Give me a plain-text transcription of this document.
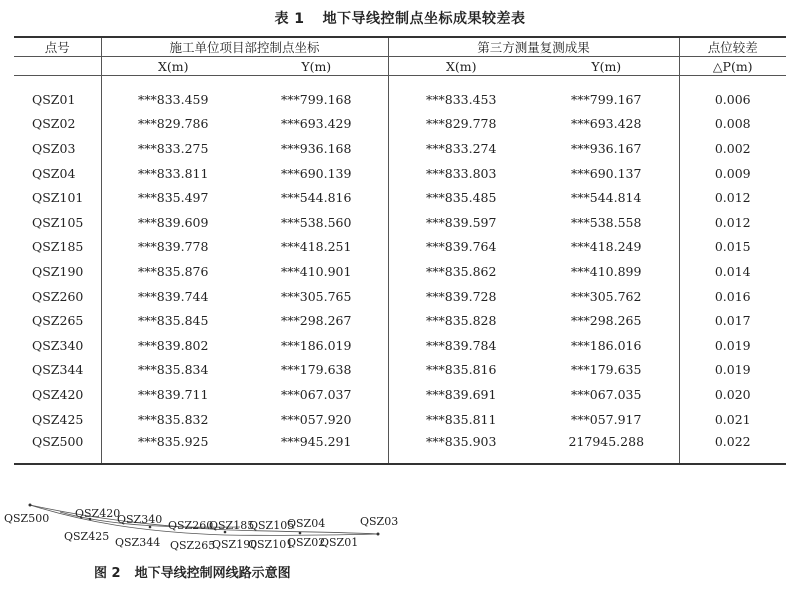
表 1 地下导线控制点坐标成果较差表
点号	施工单位项目部控制点坐标		第三方测量复测成果		点位较差
	X(m)	Y(m)	X(m)	Y(m)	△P(m)

QSZ01	***833.459	***799.168	***833.453	***799.167	0.006
QSZ02	***829.786	***693.429	***829.778	***693.428	0.008
QSZ03	***833.275	***936.168	***833.274	***936.167	0.002
QSZ04	***833.811	***690.139	***833.803	***690.137	0.009
QSZ101	***835.497	***544.816	***835.485	***544.814	0.012
QSZ105	***839.609	***538.560	***839.597	***538.558	0.012
QSZ185	***839.778	***418.251	***839.764	***418.249	0.015
QSZ190	***835.876	***410.901	***835.862	***410.899	0.014
QSZ260	***839.744	***305.765	***839.728	***305.762	0.016
QSZ265	***835.845	***298.267	***835.828	***298.265	0.017
QSZ340	***839.802	***186.019	***839.784	***186.016	0.019
QSZ344	***835.834	***179.638	***835.816	***179.635	0.019
QSZ420	***839.711	***067.037	***839.691	***067.035	0.020
QSZ425	***835.832	***057.920	***835.811	***057.917	0.021
QSZ500	***835.925	***945.291	***835.903	217945.288	0.022
QSZ500 QSZ420
QSZ340 QSZ260
QSZ185
QSZ105
QSZ04	QSZ03
QSZ425 QSZ344 QSZ265
QSZ190
QSZ101
QSZ02
QSZ01
图 2 地下导线控制网线路示意图
